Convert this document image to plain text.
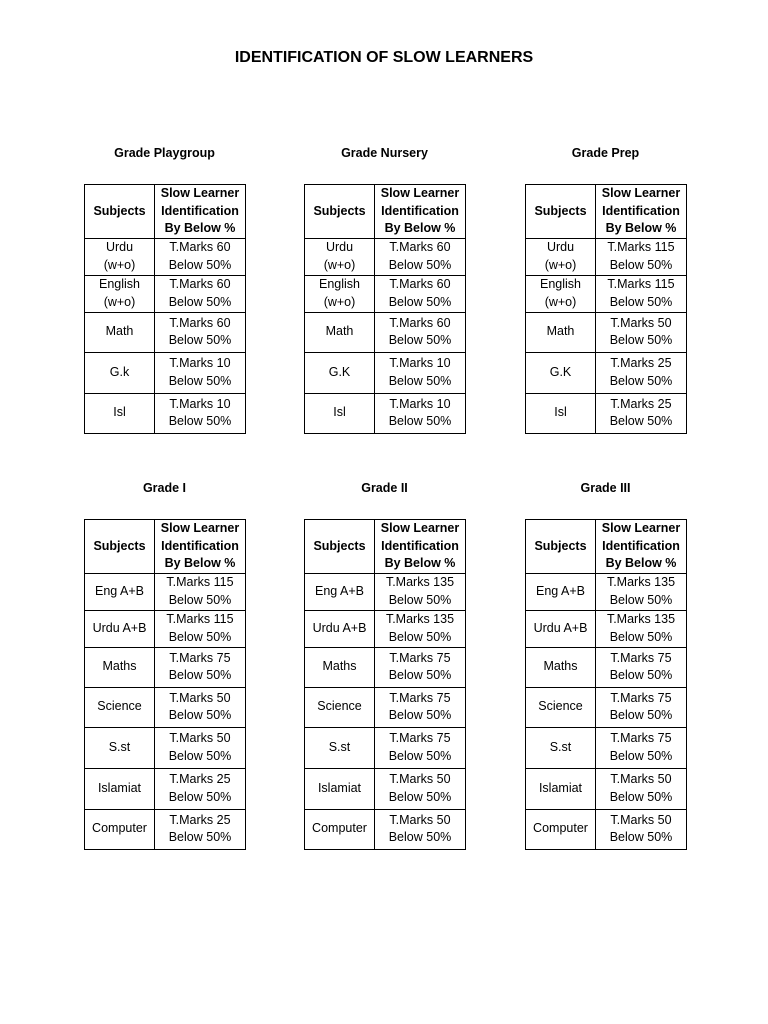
IDENTIFICATION OF SLOW LEARNERS
Grade Playgroup
Subjects	Slow Learner
Identification
By Below %

Urdu
(w+o)	T.Marks 60
Below 50%

English
(w+o)	T.Marks 60
Below 50%

Math	T.Marks 60
Below 50%

G.k	T.Marks 10
Below 50%

Isl	T.Marks 10
Below 50%
Grade Nursery
Subjects	Slow Learner
Identification
By Below %

Urdu
(w+o)	T.Marks 60
Below 50%

English
(w+o)	T.Marks 60
Below 50%

Math	T.Marks 60
Below 50%

G.K	T.Marks 10
Below 50%

Isl	T.Marks 10
Below 50%
Grade Prep
Subjects	Slow Learner
Identification
By Below %

Urdu
(w+o)	T.Marks 115
Below 50%

English
(w+o)	T.Marks 115
Below 50%

Math	T.Marks 50
Below 50%

G.K	T.Marks 25
Below 50%

Isl	T.Marks 25
Below 50%
Grade I
Subjects	Slow Learner
Identification
By Below %

Eng A+B	T.Marks 115
Below 50%

Urdu A+B	T.Marks 115
Below 50%

Maths	T.Marks 75
Below 50%

Science	T.Marks 50
Below 50%

S.st	T.Marks 50
Below 50%

Islamiat	T.Marks 25
Below 50%

Computer	T.Marks 25
Below 50%
Grade II
Subjects	Slow Learner
Identification
By Below %

Eng A+B	T.Marks 135
Below 50%

Urdu A+B	T.Marks 135
Below 50%

Maths	T.Marks 75
Below 50%

Science	T.Marks 75
Below 50%

S.st	T.Marks 75
Below 50%

Islamiat	T.Marks 50
Below 50%

Computer	T.Marks 50
Below 50%
Grade III
Subjects	Slow Learner
Identification
By Below %

Eng A+B	T.Marks 135
Below 50%

Urdu A+B	T.Marks 135
Below 50%

Maths	T.Marks 75
Below 50%

Science	T.Marks 75
Below 50%

S.st	T.Marks 75
Below 50%

Islamiat	T.Marks 50
Below 50%

Computer	T.Marks 50
Below 50%
